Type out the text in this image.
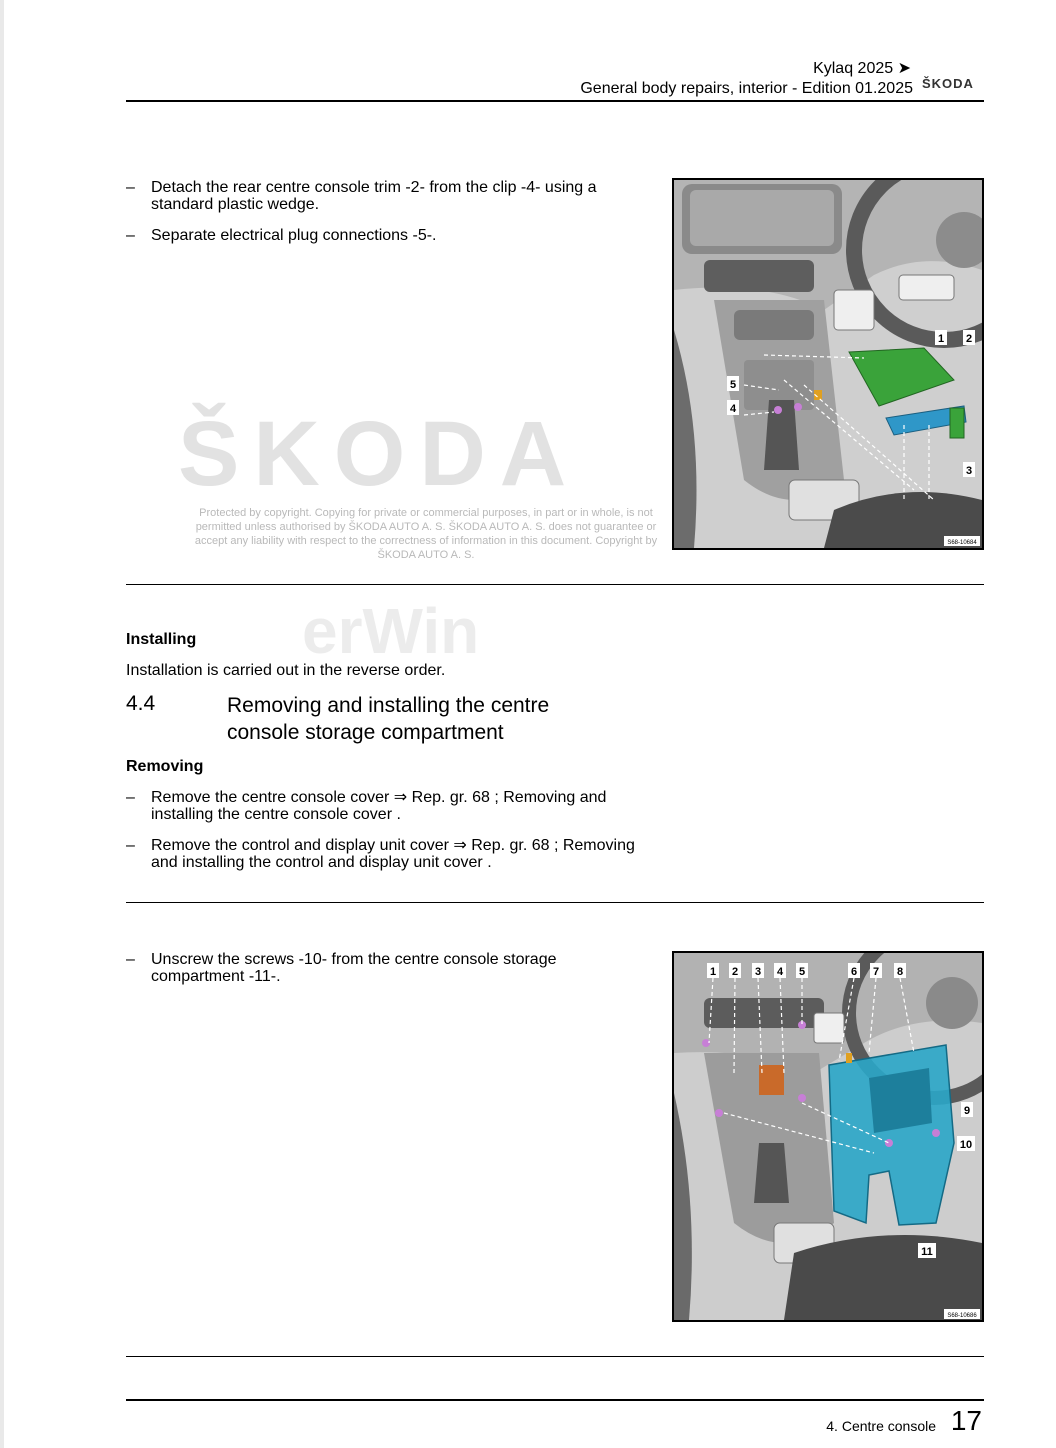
Kylaq 2025 ➤
General body repairs, interior - Edition 01.2025 ŠKODA
ŠKODA
Protected by copyright. Copying for private or commercial purposes, in part or in whole, is not permitted unless authorised by ŠKODA AUTO A. S. ŠKODA AUTO A. S. does not guarantee or accept any liability with respect to the correctness of information in this document. Copyright by ŠKODA AUTO A. S.
erWin
– Detach the rear centre console trim -2- from the clip -4- using a standard plastic wedge.
– Separate electrical plug connections -5-.
1 2
3
4
5
S68-10684
Installing
Installation is carried out in the reverse order.
4.4	Removing and installing the centre console storage compartment
Removing
– Remove the centre console cover ⇒ Rep. gr. 68 ; Removing and installing the centre console cover .
– Remove the control and display unit cover ⇒ Rep. gr. 68 ; Removing and installing the control and display unit cover .
– Unscrew the screws -10- from the centre console storage compartment -11-.	1 2 3 4 5	6 7 8
9
10
11
S68-10686
4. Centre console 17
